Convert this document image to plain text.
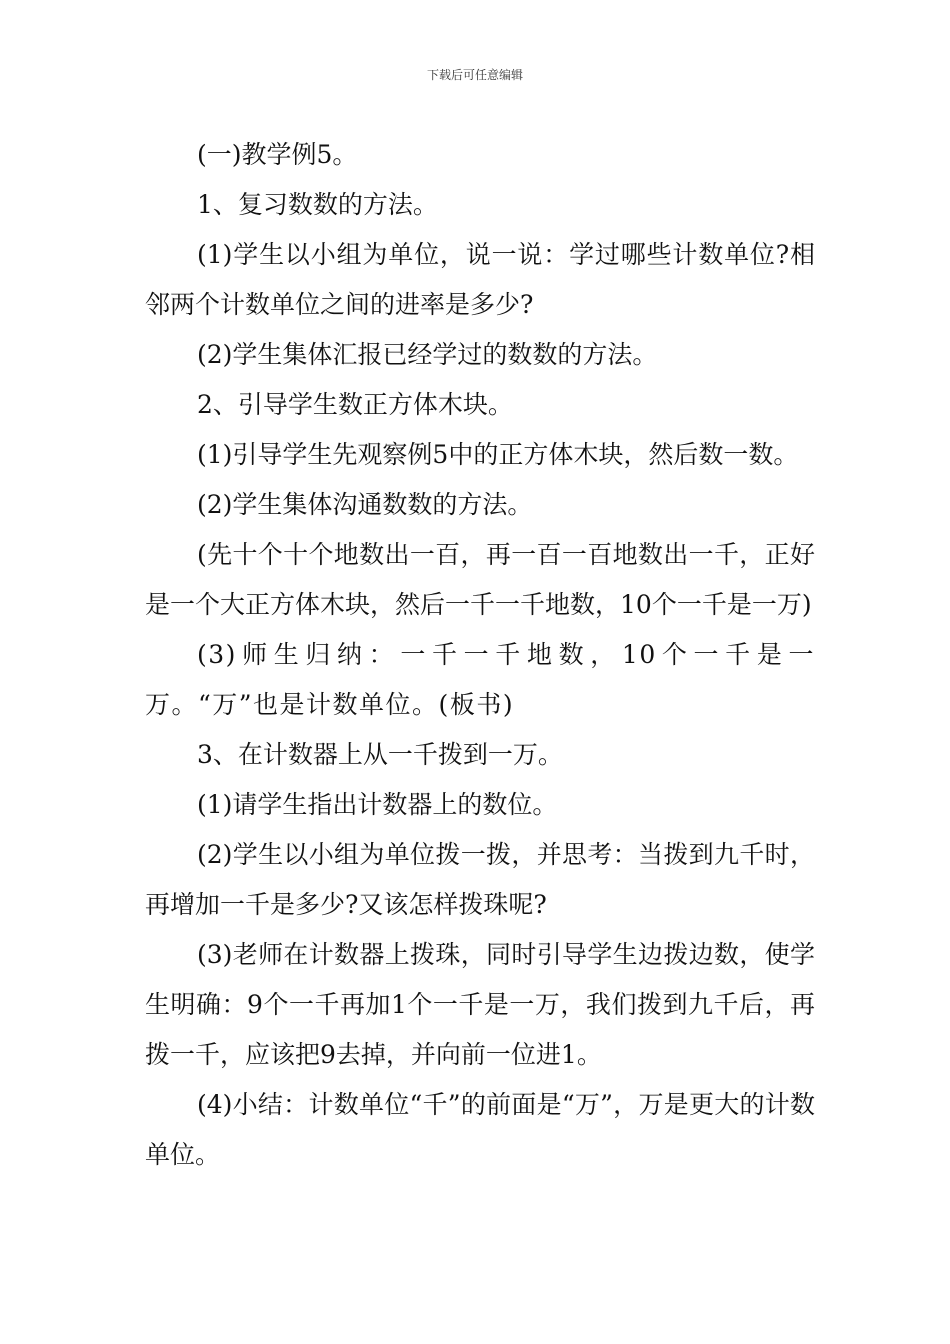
下载后可任意编辑

(一)教学例5。

1、复习数数的方法。

(1)学生以小组为单位，说一说：学过哪些计数单位?相邻两个计数单位之间的进率是多少?

(2)学生集体汇报已经学过的数数的方法。

2、引导学生数正方体木块。

(1)引导学生先观察例5中的正方体木块，然后数一数。

(2)学生集体沟通数数的方法。

(先十个十个地数出一百，再一百一百地数出一千，正好是一个大正方体木块，然后一千一千地数，10个一千是一万)

(3)师生归纳：一千一千地数，10个一千是一万。“万”也是计数单位。(板书)

3、在计数器上从一千拨到一万。

(1)请学生指出计数器上的数位。

(2)学生以小组为单位拨一拨，并思考：当拨到九千时，再增加一千是多少?又该怎样拨珠呢?

(3)老师在计数器上拨珠，同时引导学生边拨边数，使学生明确：9个一千再加1个一千是一万，我们拨到九千后，再拨一千，应该把9去掉，并向前一位进1。

(4)小结：计数单位“千”的前面是“万”，万是更大的计数单位。
